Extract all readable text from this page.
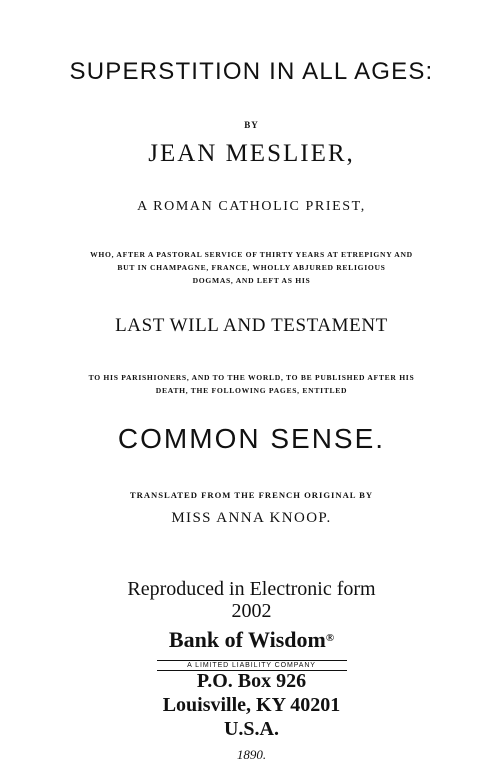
SUPERSTITION IN ALL AGES:
BY
JEAN MESLIER,
A ROMAN CATHOLIC PRIEST,
WHO, AFTER A PASTORAL SERVICE OF THIRTY YEARS AT ETREPIGNY AND
BUT IN CHAMPAGNE, FRANCE, WHOLLY ABJURED RELIGIOUS
DOGMAS, AND LEFT AS HIS
LAST WILL AND TESTAMENT
TO HIS PARISHIONERS, AND TO THE WORLD, TO BE PUBLISHED AFTER HIS
DEATH, THE FOLLOWING PAGES, ENTITLED
COMMON SENSE.
TRANSLATED FROM THE FRENCH ORIGINAL BY
MISS ANNA KNOOP.
Reproduced in Electronic form
2002
Bank of Wisdom®
A LIMITED LIABILITY COMPANY
P.O. Box 926
Louisville, KY 40201
U.S.A.
1890.
